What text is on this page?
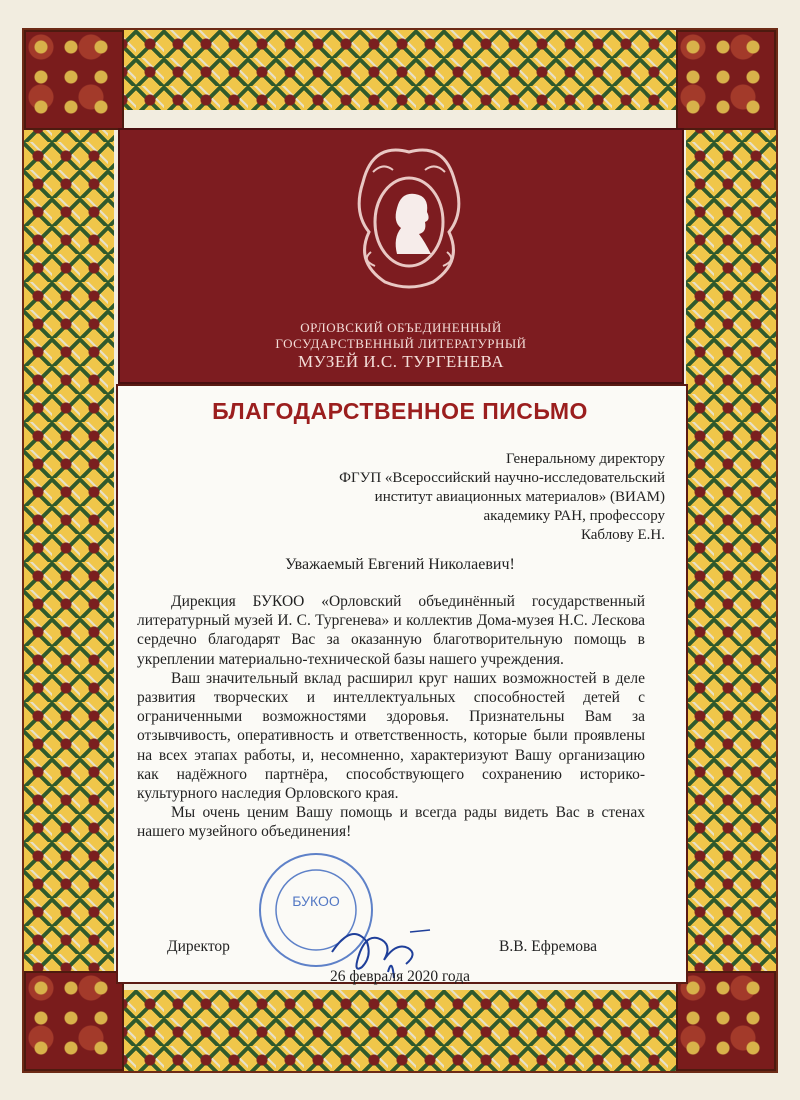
ОРЛОВСКИЙ ОБЪЕДИНЕННЫЙ
ГОСУДАРСТВЕННЫЙ ЛИТЕРАТУРНЫЙ
МУЗЕЙ И.С. ТУРГЕНЕВА
БЛАГОДАРСТВЕННОЕ ПИСЬМО
Генеральному директору
ФГУП «Всероссийский научно-исследовательский
институт авиационных материалов» (ВИАМ)
академику РАН, профессору
Каблову Е.Н.
Уважаемый Евгений Николаевич!

Дирекция БУКОО «Орловский объединённый государственный литературный музей И. С. Тургенева» и коллектив Дома-музея Н.С. Лескова сердечно благодарят Вас за оказанную благотворительную помощь в укреплении материально-технической базы нашего учреждения.

Ваш значительный вклад расширил круг наших возможностей в деле развития творческих и интеллектуальных способностей детей с ограниченными возможностями здоровья. Признательны Вам за отзывчивость, оперативность и ответственность, которые были проявлены на всех этапах работы, и, несомненно, характеризуют Вашу организацию как надёжного партнёра, способствующего сохранению историко-культурного наследия Орловского края.

Мы очень ценим Вашу помощь и всегда рады видеть Вас в стенах нашего музейного объединения!

БУКОО
Директор	В.В. Ефремова
26 февраля 2020 года
